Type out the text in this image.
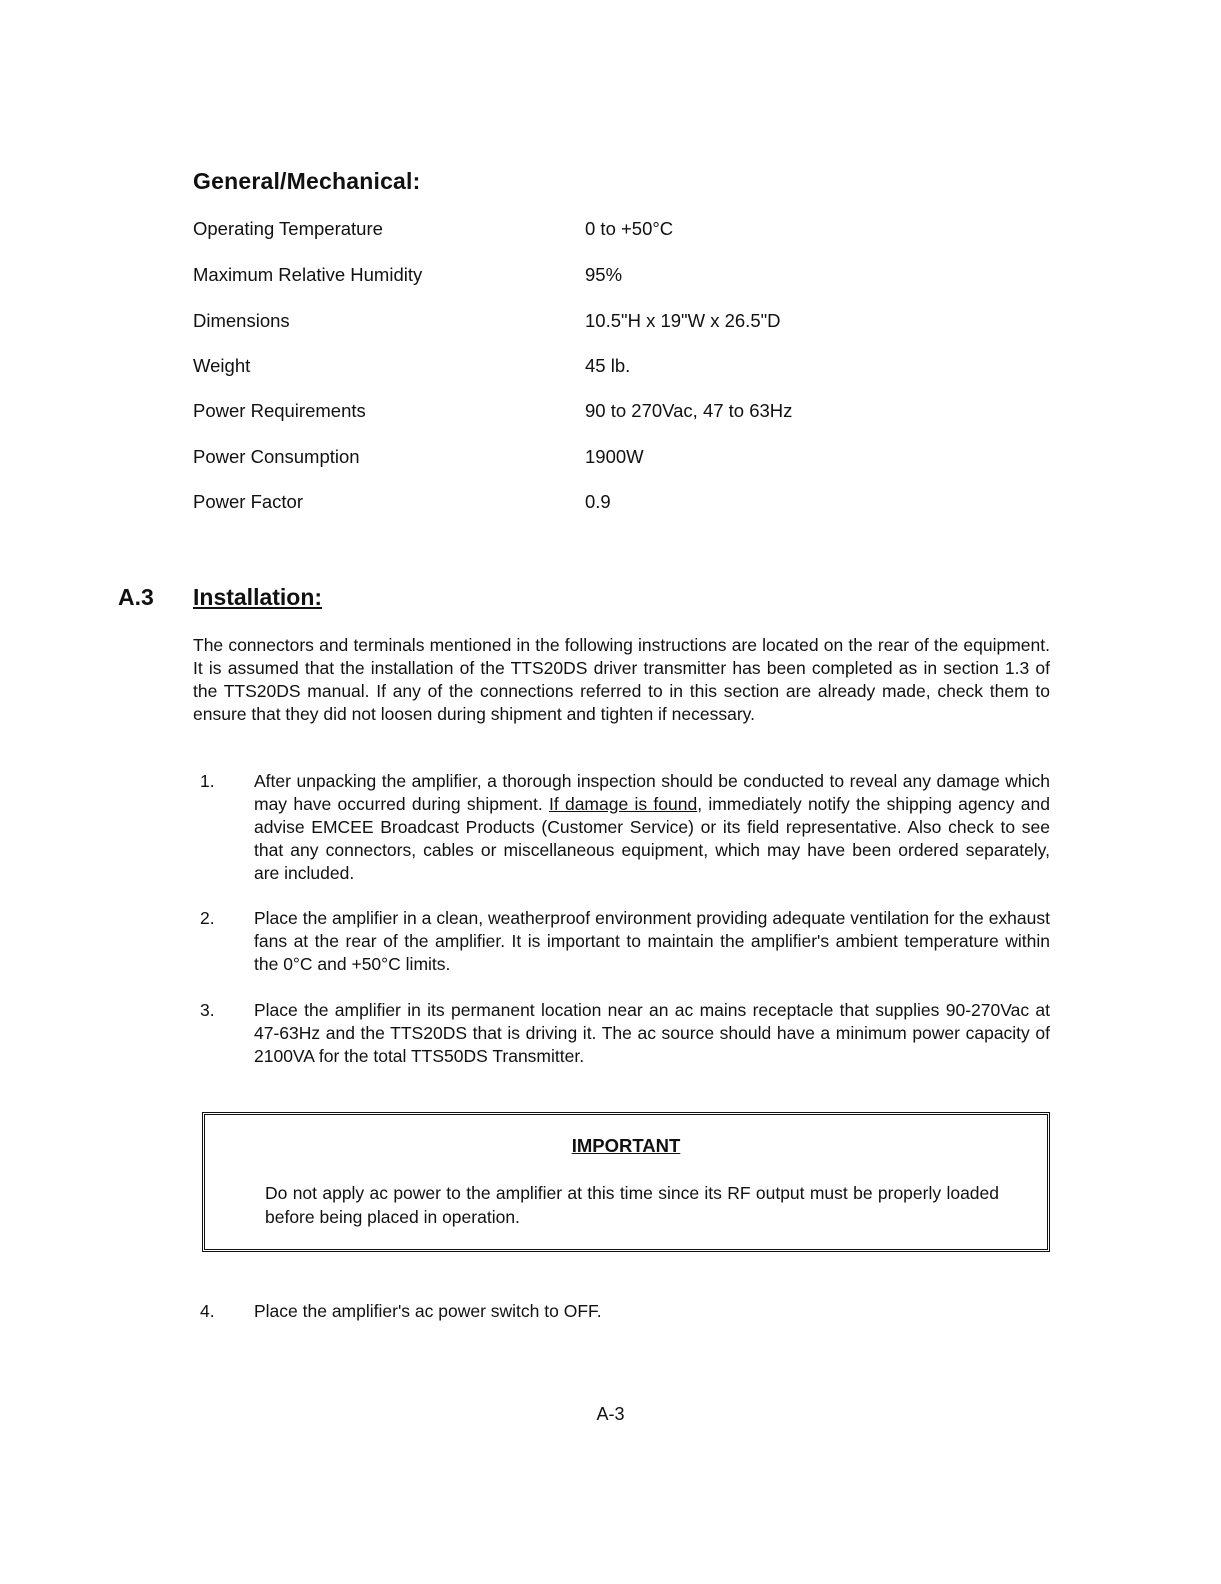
General/Mechanical:
Operating Temperature	0 to +50°C
Maximum Relative Humidity	95%
Dimensions	10.5"H x 19"W x 26.5"D
Weight	45 lb.
Power Requirements	90 to 270Vac, 47 to 63Hz
Power Consumption	1900W
Power Factor	0.9
A.3 Installation:
The connectors and terminals mentioned in the following instructions are located on the rear of the equipment. It is assumed that the installation of the TTS20DS driver transmitter has been completed as in section 1.3 of the TTS20DS manual. If any of the connections referred to in this section are already made, check them to ensure that they did not loosen during shipment and tighten if necessary.
1. After unpacking the amplifier, a thorough inspection should be conducted to reveal any damage which may have occurred during shipment. If damage is found, immediately notify the shipping agency and advise EMCEE Broadcast Products (Customer Service) or its field representative. Also check to see that any connectors, cables or miscellaneous equipment, which may have been ordered separately, are included.
2. Place the amplifier in a clean, weatherproof environment providing adequate ventilation for the exhaust fans at the rear of the amplifier. It is important to maintain the amplifier's ambient temperature within the 0°C and +50°C limits.
3. Place the amplifier in its permanent location near an ac mains receptacle that supplies 90-270Vac at 47-63Hz and the TTS20DS that is driving it. The ac source should have a minimum power capacity of 2100VA for the total TTS50DS Transmitter.
IMPORTANT
Do not apply ac power to the amplifier at this time since its RF output must be properly loaded before being placed in operation.
4. Place the amplifier's ac power switch to OFF.
A-3
